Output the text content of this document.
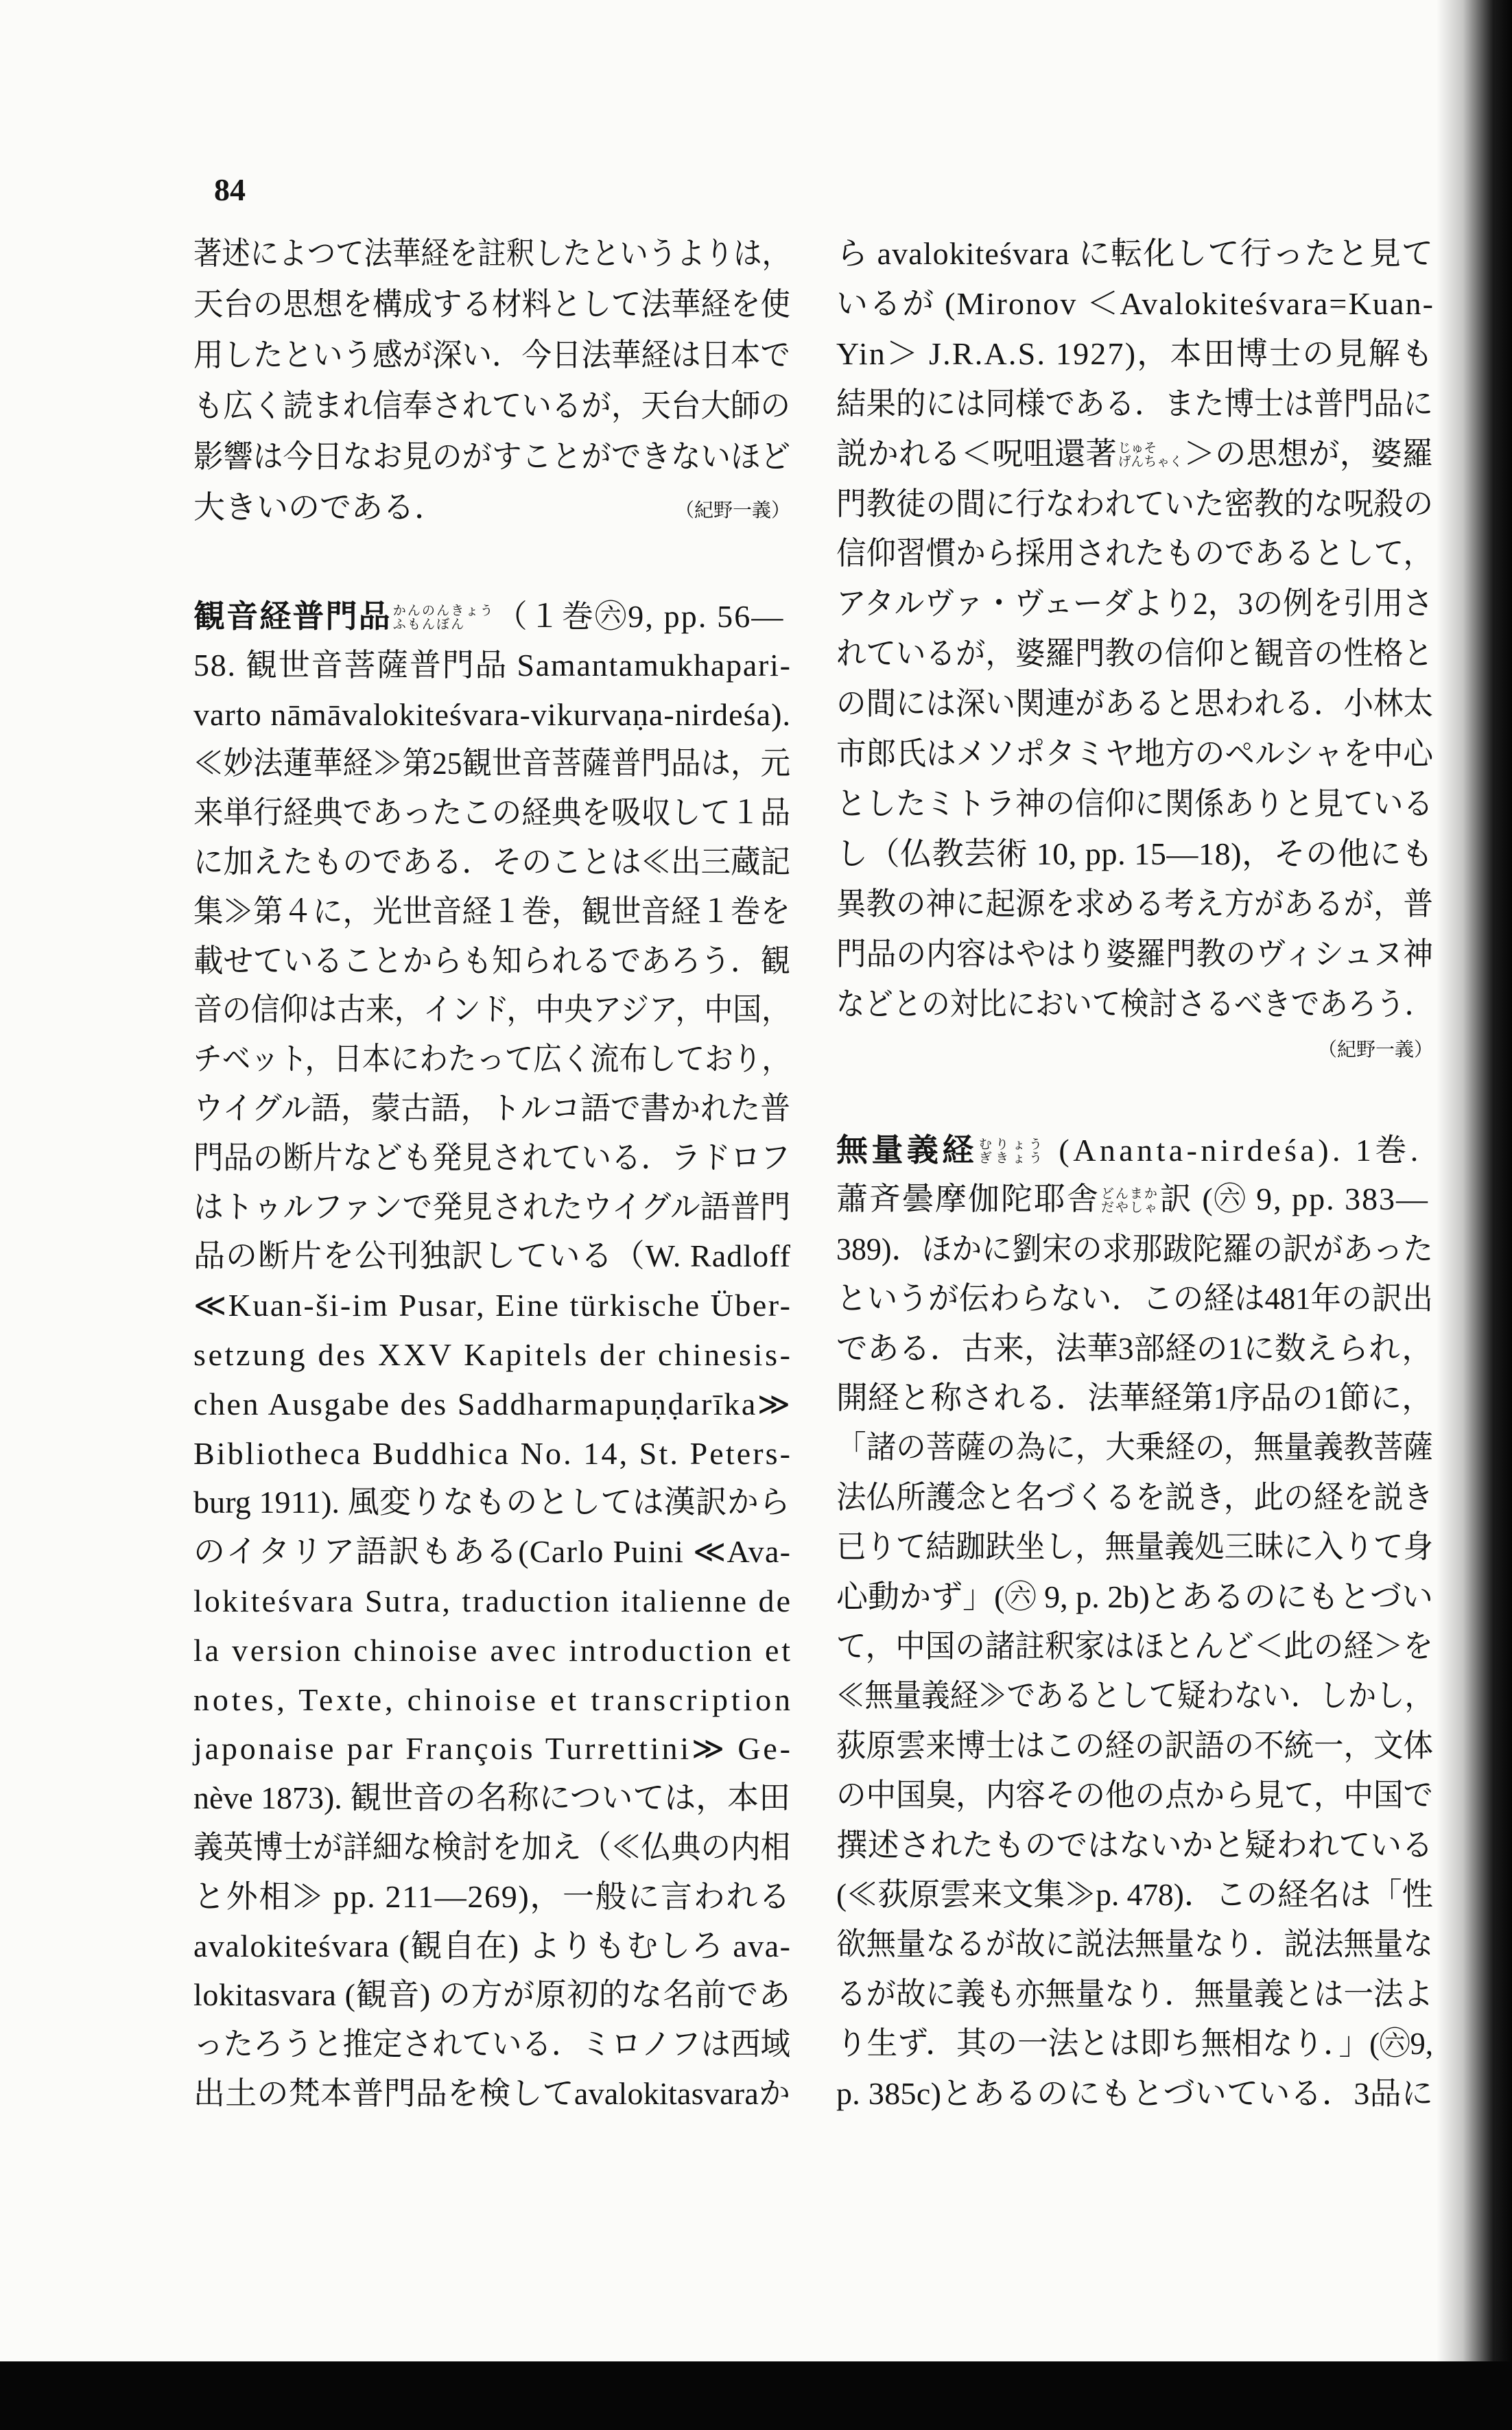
84
著述によつて法華経を註釈したというよりは，
天台の思想を構成する材料として法華経を使
用したという感が深い．今日法華経は日本で
も広く読まれ信奉されているが，天台大師の
影響は今日なお見のがすことができないほど
大きいのである．	（紀野一義）
観音経普門品 かんのんきょう
ふもんぼん （１巻㊅9, pp. 56—
58. 観世音菩薩普門品 Samantamukhapari-
varto nāmāvalokiteśvara-vikurvaṇa-nirdeśa).
≪妙法蓮華経≫第25観世音菩薩普門品は，元
来単行経典であったこの経典を吸収して１品
に加えたものである．そのことは≪出三蔵記
集≫第４に，光世音経１巻，観世音経１巻を
載せていることからも知られるであろう．観
音の信仰は古来，インド，中央アジア，中国，
チベット，日本にわたって広く流布しており，
ウイグル語，蒙古語，トルコ語で書かれた普
門品の断片なども発見されている．ラドロフ
はトゥルファンで発見されたウイグル語普門
品の断片を公刊独訳している（W. Radloff
≪Kuan-ši-im Pusar, Eine türkische Über-
setzung des XXV Kapitels der chinesis-
chen Ausgabe des Saddharmapuṇḍarīka≫
Bibliotheca Buddhica No. 14, St. Peters-
burg 1911). 風変りなものとしては漢訳から
のイタリア語訳もある(Carlo Puini ≪Ava-
lokiteśvara Sutra, traduction italienne de
la version chinoise avec introduction et
notes, Texte, chinoise et transcription
japonaise par François Turrettini≫ Ge-
nève 1873). 観世音の名称については，本田
義英博士が詳細な検討を加え（≪仏典の内相
と外相≫ pp. 211—269)，一般に言われる
avalokiteśvara (観自在) よりもむしろ ava-
lokitasvara (観音) の方が原初的な名前であ
ったろうと推定されている．ミロノフは西域
出土の梵本普門品を検してavalokitasvaraか
ら avalokiteśvara に転化して行ったと見て
いるが (Mironov ＜Avalokiteśvara=Kuan-
Yin＞ J.R.A.S. 1927)，本田博士の見解も
結果的には同様である．また博士は普門品に
説かれる＜呪咀還著 じゅそ
げんちゃく ＞の思想が，婆羅
門教徒の間に行なわれていた密教的な呪殺の
信仰習慣から採用されたものであるとして，
アタルヴァ・ヴェーダより2，3の例を引用さ
れているが，婆羅門教の信仰と観音の性格と
の間には深い関連があると思われる．小林太
市郎氏はメソポタミヤ地方のペルシャを中心
としたミトラ神の信仰に関係ありと見ている
し（仏教芸術 10, pp. 15—18)，その他にも
異教の神に起源を求める考え方があるが，普
門品の内容はやはり婆羅門教のヴィシュヌ神
などとの対比において検討さるべきであろう．
（紀野一義）
無量義経 むりょう
ぎきょう (Ananta-nirdeśa). 1巻.
蕭斉曇摩伽陀耶舎 どんまか
だやしゃ 訳 (㊅ 9, pp. 383—
389)．ほかに劉宋の求那跋陀羅の訳があった
というが伝わらない．この経は481年の訳出
である．古来，法華3部経の1に数えられ，
開経と称される．法華経第1序品の1節に，
「諸の菩薩の為に，大乗経の，無量義教菩薩
法仏所護念と名づくるを説き，此の経を説き
已りて結跏趺坐し，無量義処三昧に入りて身
心動かず」(㊅ 9, p. 2b)とあるのにもとづい
て，中国の諸註釈家はほとんど＜此の経＞を
≪無量義経≫であるとして疑わない．しかし，
荻原雲来博士はこの経の訳語の不統一，文体
の中国臭，内容その他の点から見て，中国で
撰述されたものではないかと疑われている
(≪荻原雲来文集≫p. 478)．この経名は「性
欲無量なるが故に説法無量なり．説法無量な
るが故に義も亦無量なり．無量義とは一法よ
り生ず．其の一法とは即ち無相なり．」(㊅9,
p. 385c)とあるのにもとづいている．3品に
